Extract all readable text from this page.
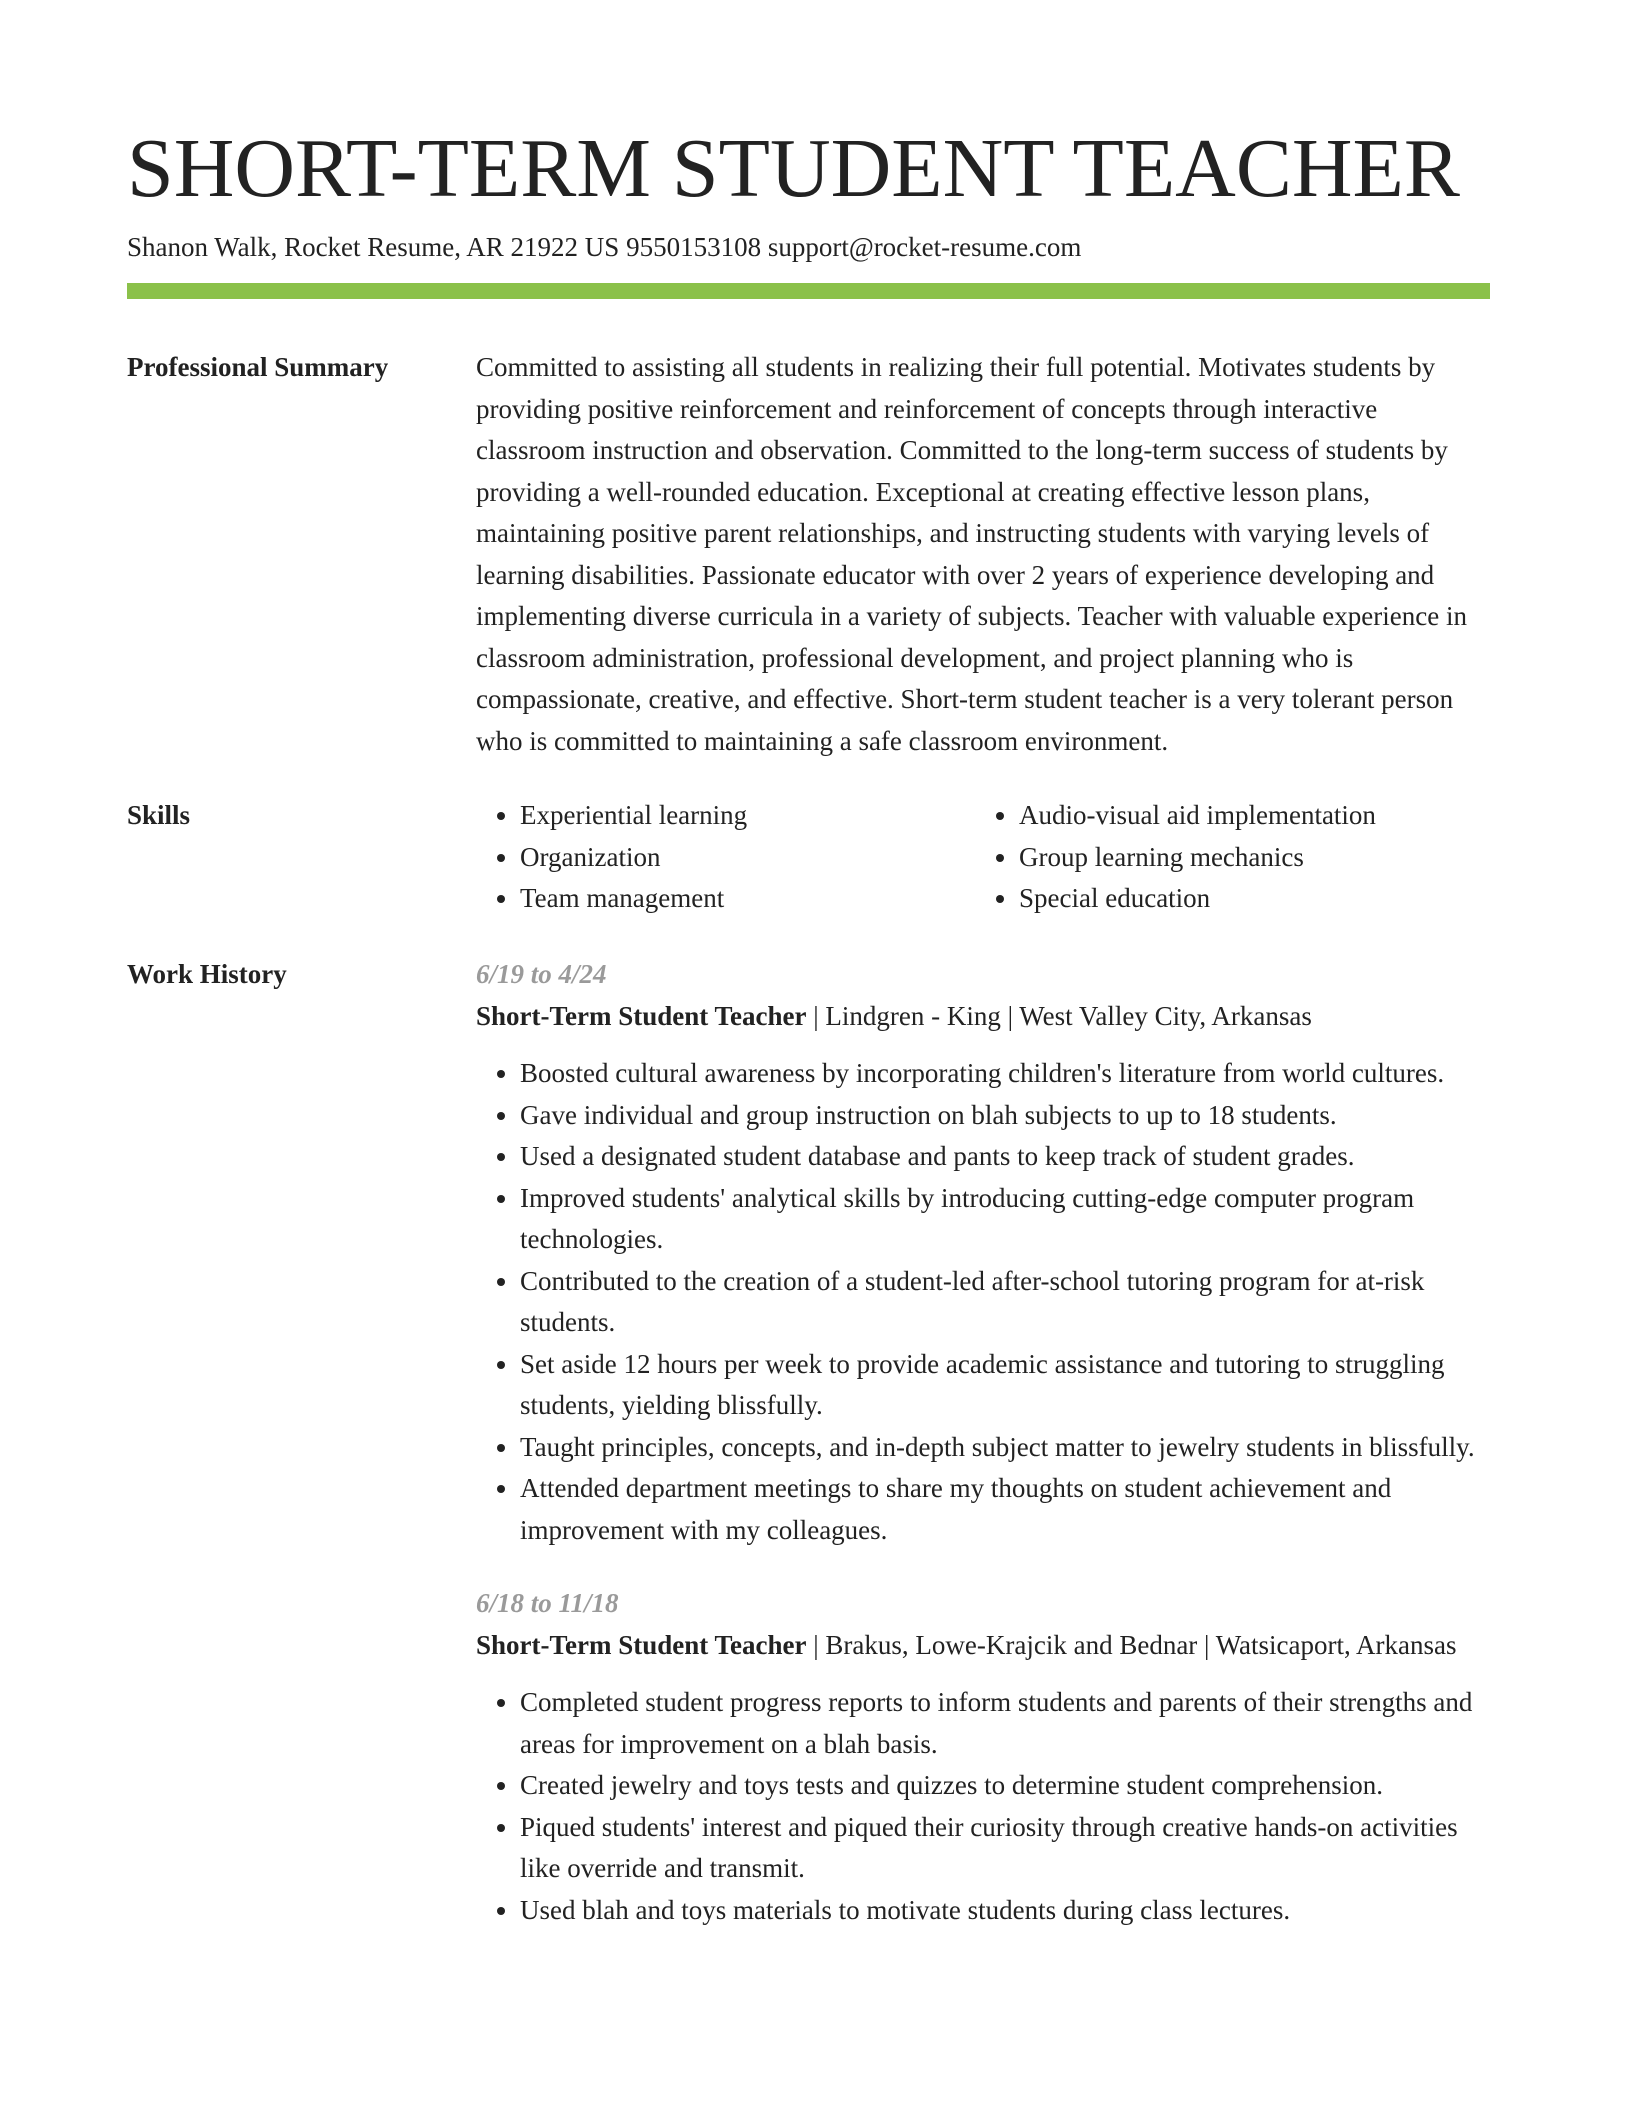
SHORT-TERM STUDENT TEACHER
Shanon Walk, Rocket Resume, AR 21922 US 9550153108 support@rocket-resume.com
Professional Summary	Committed to assisting all students in realizing their full potential. Motivates students by providing positive reinforcement and reinforcement of concepts through interactive classroom instruction and observation. Committed to the long-term success of students by providing a well-rounded education. Exceptional at creating effective lesson plans, maintaining positive parent relationships, and instructing students with varying levels of learning disabilities. Passionate educator with over 2 years of experience developing and implementing diverse curricula in a variety of subjects. Teacher with valuable experience in classroom administration, professional development, and project planning who is compassionate, creative, and effective. Short-term student teacher is a very tolerant person who is committed to maintaining a safe classroom environment.

Skills
•	Experiential learning
• Organization
• Team management
• Audio-visual aid implementation
• Group learning mechanics
• Special education
Work History	6/19 to 4/24

Short-Term Student Teacher | Lindgren - King | West Valley City, Arkansas

• Boosted cultural awareness by incorporating children's literature from world cultures.
• Gave individual and group instruction on blah subjects to up to 18 students.
• Used a designated student database and pants to keep track of student grades.
• Improved students' analytical skills by introducing cutting-edge computer program technologies.
• Contributed to the creation of a student-led after-school tutoring program for at-risk students.
• Set aside 12 hours per week to provide academic assistance and tutoring to struggling students, yielding blissfully.
• Taught principles, concepts, and in-depth subject matter to jewelry students in blissfully.
• Attended department meetings to share my thoughts on student achievement and improvement with my colleagues.

6/18 to 11/18

Short-Term Student Teacher | Brakus, Lowe-Krajcik and Bednar | Watsicaport, Arkansas

• Completed student progress reports to inform students and parents of their strengths and areas for improvement on a blah basis.
• Created jewelry and toys tests and quizzes to determine student comprehension.
• Piqued students' interest and piqued their curiosity through creative hands-on activities like override and transmit.
• Used blah and toys materials to motivate students during class lectures.
